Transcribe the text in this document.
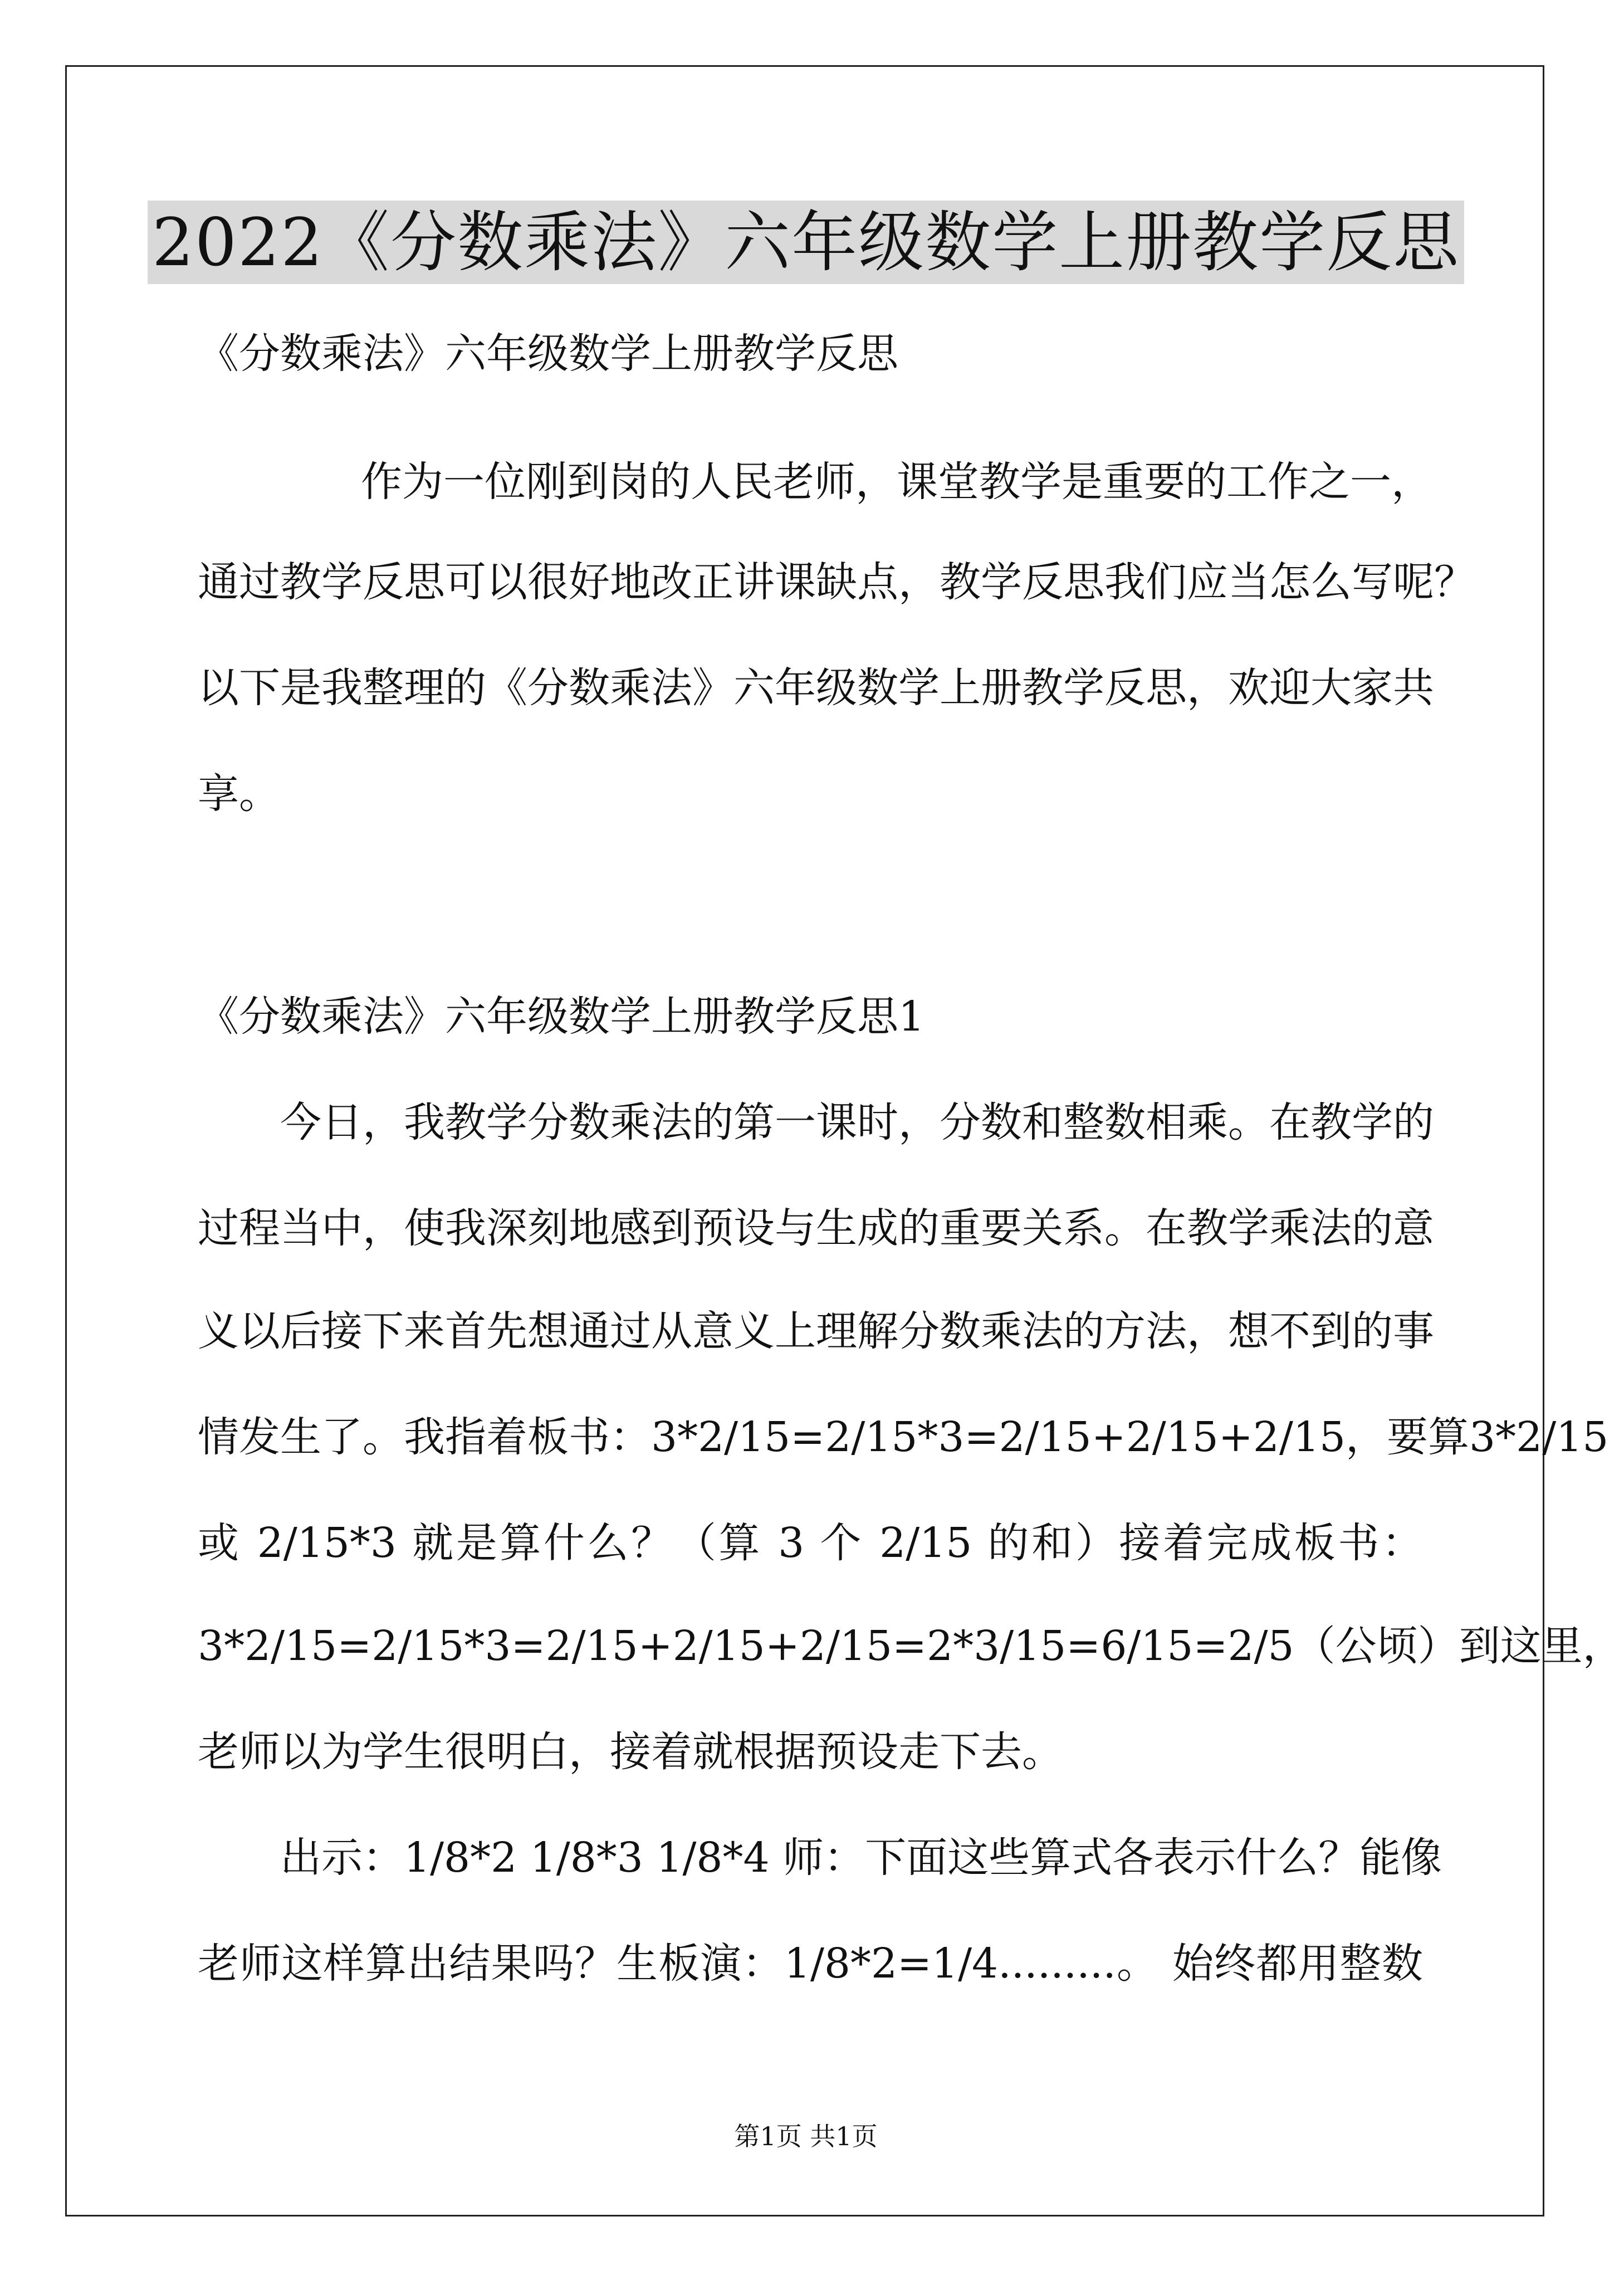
2022《分数乘法》六年级数学上册教学反思
《分数乘法》六年级数学上册教学反思
作为一位刚到岗的人民老师，课堂教学是重要的工作之一，
通过教学反思可以很好地改正讲课缺点，教学反思我们应当怎么写呢？
以下是我整理的《分数乘法》六年级数学上册教学反思，欢迎大家共
享。
《分数乘法》六年级数学上册教学反思1
今日，我教学分数乘法的第一课时，分数和整数相乘。在教学的
过程当中，使我深刻地感到预设与生成的重要关系。在教学乘法的意
义以后接下来首先想通过从意义上理解分数乘法的方法，想不到的事
情发生了。我指着板书：3*2/15=2/15*3=2/15+2/15+2/15，要算3*2/15
或 2/15*3 就是算什么？（算 3 个 2/15 的和）接着完成板书：
3*2/15=2/15*3=2/15+2/15+2/15=2*3/15=6/15=2/5（公顷）到这里，
老师以为学生很明白，接着就根据预设走下去。
出示：1/8*2 1/8*3 1/8*4 师：下面这些算式各表示什么？能像
老师这样算出结果吗？生板演：1/8*2=1/4.........。 始终都用整数
第1页 共1页
